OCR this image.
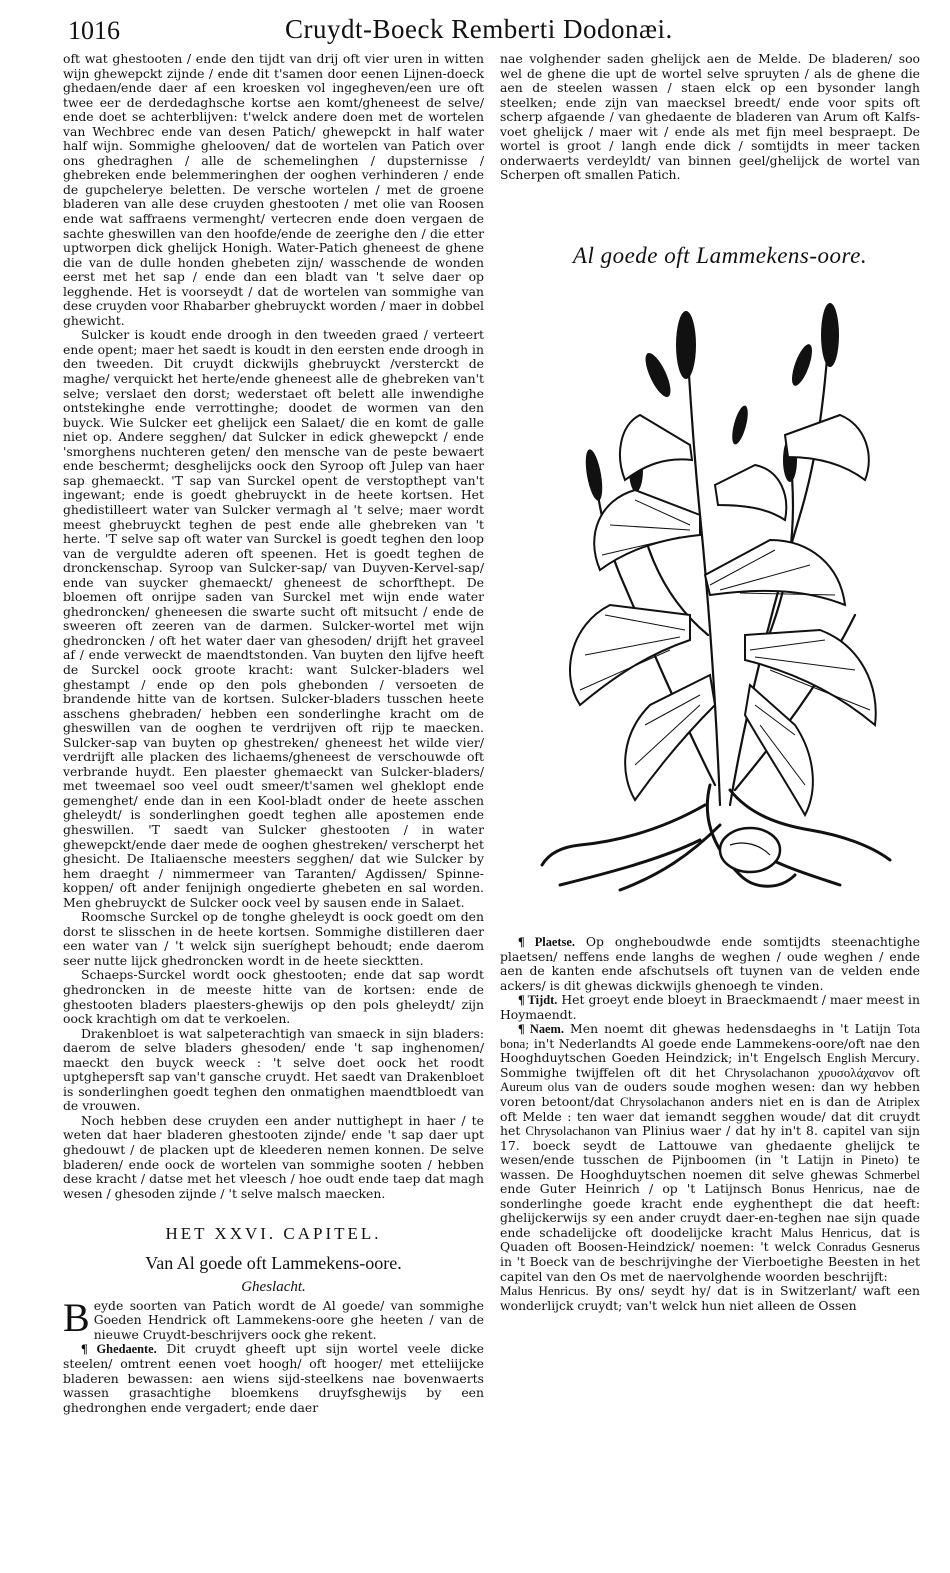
1016	Cruydt-Boeck Remberti Dodonæi.

oft wat ghestooten / ende den tijdt van drij oft vier uren in witten wijn ghewepckt zijnde / ende dit t'samen door eenen Lijnen-doeck ghedaen/ende daer af een kroesken vol ingegheven/een ure oft twee eer de derdedaghsche kortse aen komt/gheneest de selve/ ende doet se achterblijven: t'welck andere doen met de wortelen van Wechbrec ende van desen Patich/ ghewepckt in half water half wijn. Sommighe ghelooven/ dat de wortelen van Patich over ons ghedraghen / alle de schemelinghen / dupsternisse / ghebreken ende belemmeringhen der ooghen verhinderen / ende de gupchelerye beletten. De versche wortelen / met de groene bladeren van alle dese cruyden ghestooten / met olie van Roosen ende wat saffraens vermenght/ vertecren ende doen vergaen de sachte gheswillen van den hoofde/ende de zeerighe den / die etter uptworpen dick ghelijck Honigh. Water-Patich gheneest de ghene die van de dulle honden ghebeten zijn/ wasschende de wonden eerst met het sap / ende dan een bladt van 't selve daer op legghende. Het is voorseydt / dat de wortelen van sommighe van dese cruyden voor Rhabarber ghebruyckt worden / maer in dobbel ghewicht.

Sulcker is koudt ende droogh in den tweeden graed / verteert ende opent; maer het saedt is koudt in den eersten ende droogh in den tweeden. Dit cruydt dickwijls ghebruyckt /versterckt de maghe/ verquickt het herte/ende gheneest alle de ghebreken van't selve; verslaet den dorst; wederstaet oft belett alle inwendighe ontstekinghe ende verrottinghe; doodet de wormen van den buyck. Wie Sulcker eet ghelijck een Salaet/ die en komt de galle niet op. Andere segghen/ dat Sulcker in edick ghewepckt / ende 'smorghens nuchteren geten/ den mensche van de peste bewaert ende beschermt; desghelijcks oock den Syroop oft Julep van haer sap ghemaeckt. 'T sap van Surckel opent de verstopthept van't ingewant; ende is goedt ghebruyckt in de heete kortsen. Het ghedistilleert water van Sulcker vermagh al 't selve; maer wordt meest ghebruyckt teghen de pest ende alle ghebreken van 't herte. 'T selve sap oft water van Surckel is goedt teghen den loop van de verguldte aderen oft speenen. Het is goedt teghen de dronckenschap. Syroop van Sulcker-sap/ van Duyven-Kervel-sap/ ende van suycker ghemaeckt/ gheneest de schorfthept. De bloemen oft onrijpe saden van Surckel met wijn ende water ghedroncken/ gheneesen die swarte sucht oft mitsucht / ende de sweeren oft zeeren van de darmen. Sulcker-wortel met wijn ghedroncken / oft het water daer van ghesoden/ drijft het graveel af / ende verweckt de maendtstonden. Van buyten den lijfve heeft de Surckel oock groote kracht: want Sulcker-bladers wel ghestampt / ende op den pols ghebonden / versoeten de brandende hitte van de kortsen. Sulcker-bladers tusschen heete asschens ghebraden/ hebben een sonderlinghe kracht om de gheswillen van de ooghen te verdrijven oft rijp te maecken. Sulcker-sap van buyten op ghestreken/ gheneest het wilde vier/ verdrijft alle placken des lichaems/gheneest de verschouwde oft verbrande huydt. Een plaester ghemaeckt van Sulcker-bladers/ met tweemael soo veel oudt smeer/t'samen wel gheklopt ende gemenghet/ ende dan in een Kool-bladt onder de heete asschen gheleydt/ is sonderlinghen goedt teghen alle apostemen ende gheswillen. 'T saedt van Sulcker ghestooten / in water ghewepckt/ende daer mede de ooghen ghestreken/ verscherpt het ghesicht. De Italiaensche meesters segghen/ dat wie Sulcker by hem draeght / nimmermeer van Taranten/ Agdissen/ Spinne-koppen/ oft ander fenijnigh ongedierte ghebeten en sal worden. Men ghebruyckt de Sulcker oock veel by sausen ende in Salaet.

Roomsche Surckel op de tonghe gheleydt is oock goedt om den dorst te slisschen in de heete kortsen. Sommighe distilleren daer een water van / 't welck sijn sueríghept behoudt; ende daerom seer nutte lijck ghedroncken wordt in de heete siecktten.

Schaeps-Surckel wordt oock ghestooten; ende dat sap wordt ghedroncken in de meeste hitte van de kortsen: ende de ghestooten bladers plaesters-ghewijs op den pols gheleydt/ zijn oock krachtigh om dat te verkoelen.

Drakenbloet is wat salpeterachtigh van smaeck in sijn bladers: daerom de selve bladers ghesoden/ ende 't sap inghenomen/ maeckt den buyck weeck : 't selve doet oock het roodt uptghepersft sap van't gansche cruydt. Het saedt van Drakenbloet is sonderlinghen goedt teghen den onmatighen maendtbloedt van de vrouwen.

Noch hebben dese cruyden een ander nuttighept in haer / te weten dat haer bladeren ghestooten zijnde/ ende 't sap daer upt ghedouwt / de placken upt de kleederen nemen konnen. De selve bladeren/ ende oock de wortelen van sommighe sooten / hebben dese kracht / datse met het vleesch / hoe oudt ende taep dat magh wesen / ghesoden zijnde / 't selve malsch maecken.

HET XXVI. CAPITEL.

Van Al goede oft Lammekens-oore.

Gheslacht.

Beyde soorten van Patich wordt de Al goede/ van sommighe Goeden Hendrick oft Lammekens-oore ghe heeten / van de nieuwe Cruydt-beschrijvers oock ghe rekent.

¶ Ghedaente. Dit cruydt gheeft upt sijn wortel veele dicke steelen/ omtrent eenen voet hoogh/ oft hooger/ met etteliijcke bladeren bewassen: aen wiens sijd-steelkens nae bovenwaerts wassen grasachtighe bloemkens druyfsghewijs by een ghedronghen ende vergadert; ende daer

nae volghender saden ghelijck aen de Melde. De bladeren/ soo wel de ghene die upt de wortel selve spruyten / als de ghene die aen de steelen wassen / staen elck op een bysonder langh steelken; ende zijn van maecksel breedt/ ende voor spits oft scherp afgaende / van ghedaente de bladeren van Arum oft Kalfs-voet ghelijck / maer wit / ende als met fijn meel bespraept. De wortel is groot / langh ende dick / somtijdts in meer tacken onderwaerts verdeyldt/ van binnen geel/ghelijck de wortel van Scherpen oft smallen Patich.

Al goede oft Lammekens-oore.

¶ Plaetse. Op ongheboudwde ende somtijdts steenachtighe plaetsen/ neffens ende langhs de weghen / oude weghen / ende aen de kanten ende afschutsels oft tuynen van de velden ende ackers/ is dit ghewas dickwijls ghenoegh te vinden.

¶ Tijdt. Het groeyt ende bloeyt in Braeckmaendt / maer meest in Hoymaendt.

¶ Naem. Men noemt dit ghewas hedensdaeghs in 't Latijn Tota bona; in't Nederlandts Al goede ende Lammekens-oore/oft nae den Hooghduytschen Goeden Heindzick; in't Engelsch English Mercury. Sommighe twijffelen oft dit het Chrysolachanon χρυσολάχανον oft Aureum olus van de ouders soude moghen wesen: dan wy hebben voren betoont/dat Chrysolachanon anders niet en is dan de Atriplex oft Melde : ten waer dat iemandt segghen woude/ dat dit cruydt het Chrysolachanon van Plinius waer / dat hy in't 8. capitel van sijn 17. boeck seydt de Lattouwe van ghedaente ghelijck te wesen/ende tusschen de Pijnboomen (in 't Latijn in Pineto) te wassen. De Hooghduytschen noemen dit selve ghewas Schmerbel ende Guter Heinrich / op 't Latijnsch Bonus Henricus, nae de sonderlinghe goede kracht ende eyghenthept die dat heeft: ghelijckerwijs sy een ander cruydt daer-en-teghen nae sijn quade ende schadelijcke oft doodelijcke kracht Malus Henricus, dat is Quaden oft Boosen-Heindzick/ noemen: 't welck Conradus Gesnerus in 't Boeck van de beschrijvinghe der Vierboetighe Beesten in het capitel van den Os met de naervolghende woorden beschrijft:

Malus Henricus. By ons/ seydt hy/ dat is in Switzerlant/ waft een wonderlijck cruydt; van't welck hun niet alleen de Ossen
